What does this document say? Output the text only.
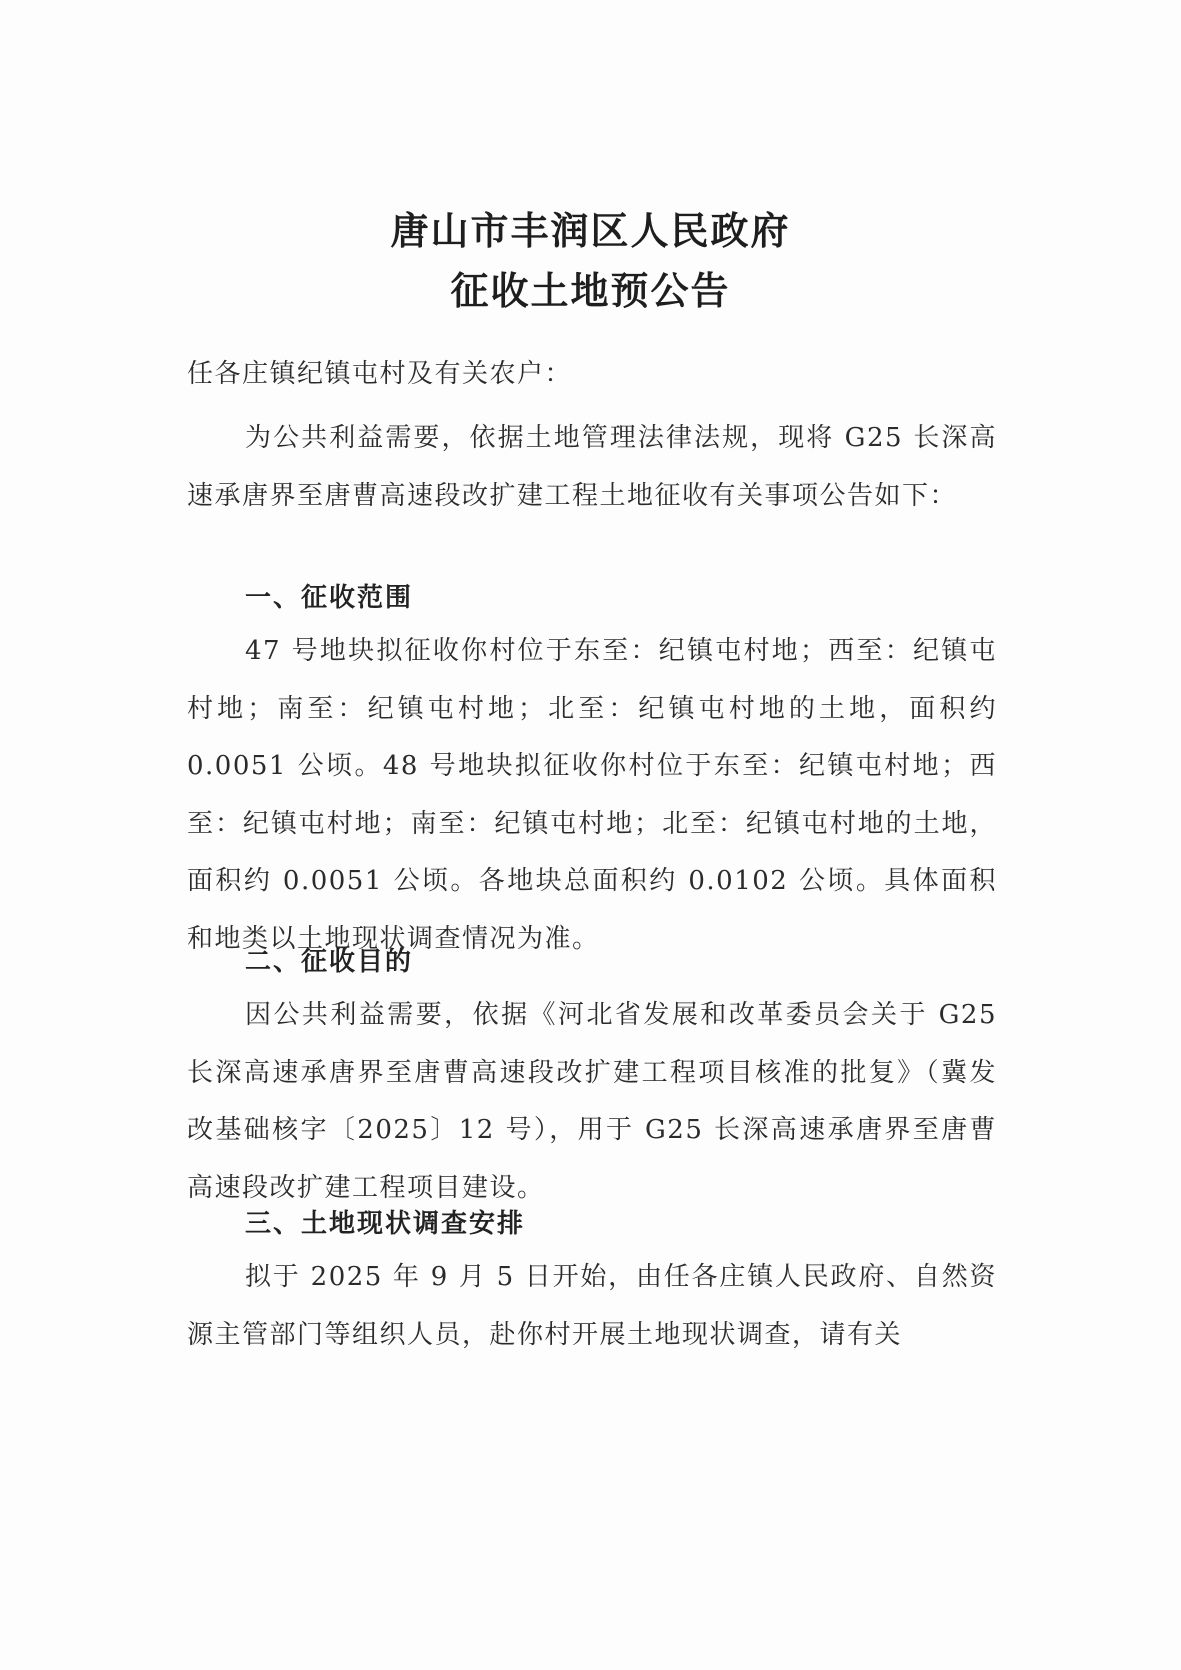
唐山市丰润区人民政府
征收土地预公告

任各庄镇纪镇屯村及有关农户：

为公共利益需要，依据土地管理法律法规，现将 G25 长深高速承唐界至唐曹高速段改扩建工程土地征收有关事项公告如下：

一、征收范围

47 号地块拟征收你村位于东至：纪镇屯村地；西至：纪镇屯村地；南至：纪镇屯村地；北至：纪镇屯村地的土地，面积约 0.0051 公顷。48 号地块拟征收你村位于东至：纪镇屯村地；西至：纪镇屯村地；南至：纪镇屯村地；北至：纪镇屯村地的土地，面积约 0.0051 公顷。各地块总面积约 0.0102 公顷。具体面积和地类以土地现状调查情况为准。

二、征收目的

因公共利益需要，依据《河北省发展和改革委员会关于 G25 长深高速承唐界至唐曹高速段改扩建工程项目核准的批复》（冀发改基础核字〔2025〕12 号），用于 G25 长深高速承唐界至唐曹高速段改扩建工程项目建设。

三、土地现状调查安排

拟于 2025 年 9 月 5 日开始，由任各庄镇人民政府、自然资源主管部门等组织人员，赴你村开展土地现状调查，请有关
